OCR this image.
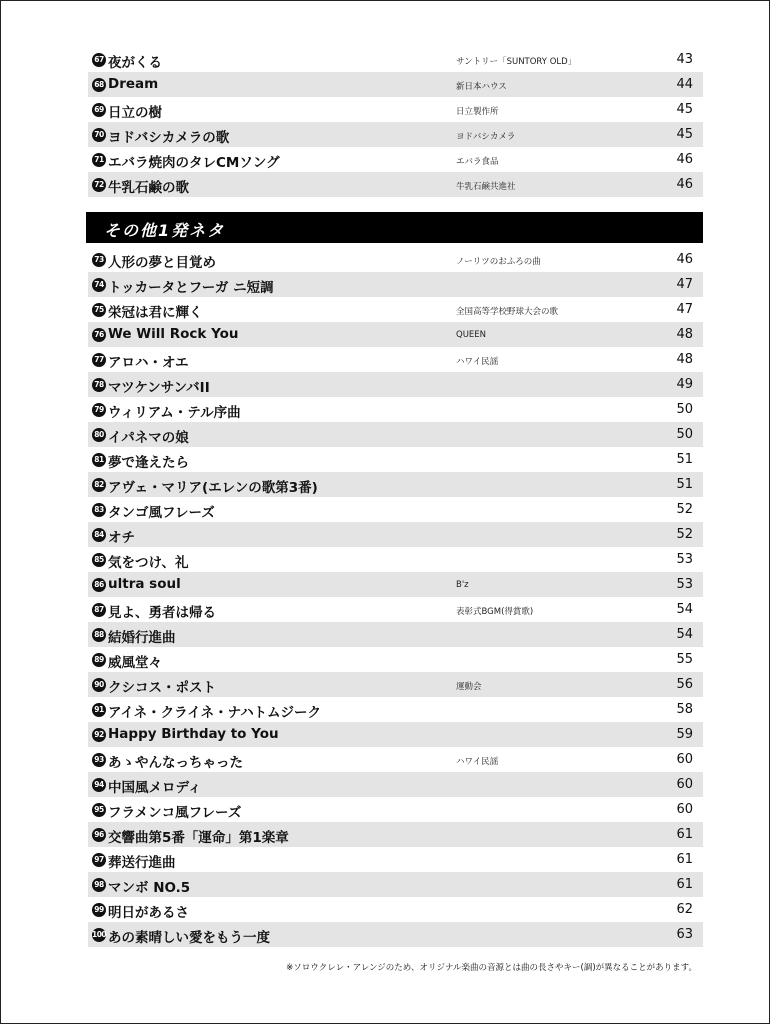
67 夜がくる	サントリー「SUNTORY OLD」	43
68 Dream	新日本ハウス	44
69 日立の樹	日立製作所	45
70 ヨドバシカメラの歌	ヨドバシカメラ	45
71 エバラ焼肉のタレCMソング	エバラ食品	46
72 牛乳石鹸の歌	牛乳石鹸共進社	46
その他1発ネタ
73 人形の夢と目覚め	ノーリツのおふろの曲	46
74 トッカータとフーガ ニ短調	47
75 栄冠は君に輝く	全国高等学校野球大会の歌	47
76 We Will Rock You	QUEEN	48
77 アロハ・オエ	ハワイ民謡	48
78 マツケンサンバII	49
79 ウィリアム・テル序曲	50
80 イパネマの娘	50
81 夢で逢えたら	51
82 アヴェ・マリア(エレンの歌第3番)	51
83 タンゴ風フレーズ	52
84 オチ	52
85 気をつけ、礼	53
86 ultra soul	B'z	53
87 見よ、勇者は帰る	表彰式BGM(得賞歌)	54
88 結婚行進曲	54
89 威風堂々	55
90 クシコス・ポスト	運動会	56
91 アイネ・クライネ・ナハトムジーク	58
92 Happy Birthday to You	59
93 あゝやんなっちゃった	ハワイ民謡	60
94 中国風メロディ	60
95 フラメンコ風フレーズ	60
96 交響曲第5番「運命」第1楽章	61
97 葬送行進曲	61
98 マンボ NO.5	61
99 明日があるさ	62
100 あの素晴しい愛をもう一度	63
※ソロウクレレ・アレンジのため、オリジナル楽曲の音源とは曲の長さやキー(調)が異なることがあります。
